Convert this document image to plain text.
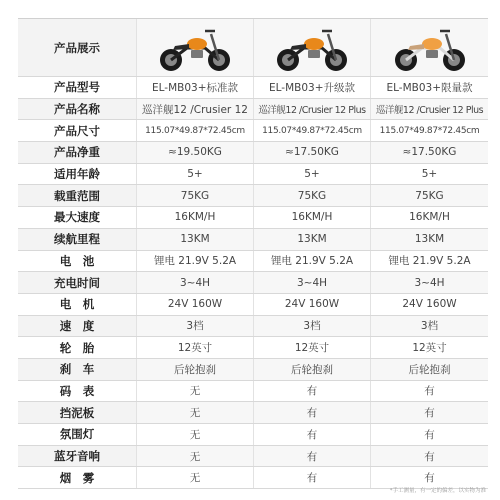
产品展示
产品型号	EL-MB03+标准款	EL-MB03+升级款	EL-MB03+限量款
产品名称	巡洋舰12 /Crusier 12	巡洋舰12 /Crusier 12 Plus	巡洋舰12 /Crusier 12 Plus
产品尺寸	115.07*49.87*72.45cm	115.07*49.87*72.45cm	115.07*49.87*72.45cm
产品净重	≈19.50KG	≈17.50KG	≈17.50KG
适用年龄	5+	5+	5+
载重范围	75KG	75KG	75KG
最大速度	16KM/H	16KM/H	16KM/H
续航里程	13KM	13KM	13KM
电　池	锂电 21.9V 5.2A	锂电 21.9V 5.2A	锂电 21.9V 5.2A
充电时间	3~4H	3~4H	3~4H
电　机	24V 160W	24V 160W	24V 160W
速　度	3档	3档	3档
轮　胎	12英寸	12英寸	12英寸
刹　车	后轮抱刹	后轮抱刹	后轮抱刹
码　表	无	有	有
挡泥板	无	有	有
氛围灯	无	有	有
蓝牙音响	无	有	有
烟　雾	无	有	有
*手工测量，有一定的偏差，以实物为准
